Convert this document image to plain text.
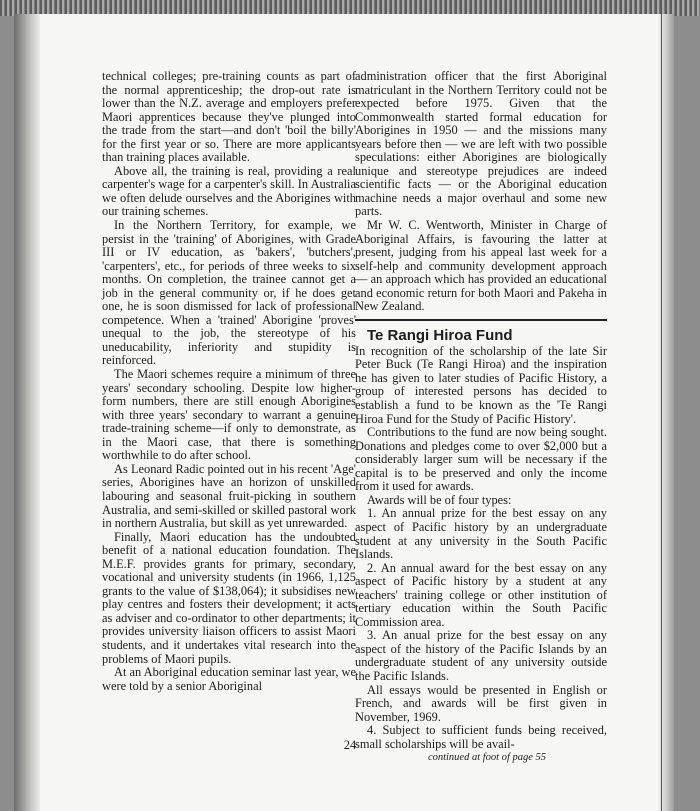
technical colleges; pre-training counts as part of the normal apprenticeship; the drop-out rate is lower than the N.Z. average and employers prefer Maori apprentices because they've plunged into the trade from the start—and don't 'boil the billy' for the first year or so. There are more applicants than training places available.

Above all, the training is real, providing a real carpenter's wage for a carpenter's skill. In Australia we often delude ourselves and the Aborigines with our training schemes.

In the Northern Territory, for example, we persist in the 'training' of Aborigines, with Grade III or IV education, as 'bakers', 'butchers', 'carpenters', etc., for periods of three weeks to six months. On completion, the trainee cannot get a job in the general community or, if he does get one, he is soon dismissed for lack of professional competence. When a 'trained' Aborigine 'proves' unequal to the job, the stereotype of his uneducability, inferiority and stupidity is reinforced.

The Maori schemes require a minimum of three years' secondary schooling. Despite low higher-form numbers, there are still enough Aborigines with three years' secondary to warrant a genuine trade-training scheme—if only to demonstrate, as in the Maori case, that there is something worthwhile to do after school.

As Leonard Radic pointed out in his recent 'Age' series, Aborigines have an horizon of unskilled labouring and seasonal fruit-picking in southern Australia, and semi-skilled or skilled pastoral work in northern Australia, but skill as yet unrewarded.

Finally, Maori education has the undoubted benefit of a national education foundation. The M.E.F. provides grants for primary, secondary, vocational and university students (in 1966, 1,125 grants to the value of $138,064); it subsidises new play centres and fosters their development; it acts as adviser and co-ordinator to other departments; it provides university liaison officers to assist Maori students, and it undertakes vital research into the problems of Maori pupils.

At an Aboriginal education seminar last year, we were told by a senior Aboriginal

administration officer that the first Aboriginal matriculant in the Northern Territory could not be expected before 1975. Given that the Commonwealth started formal education for Aborigines in 1950 — and the missions many years before then — we are left with two possible speculations: either Aborigines are biologically unique and stereotype prejudices are indeed scientific facts — or the Aboriginal education machine needs a major overhaul and some new parts.

Mr W. C. Wentworth, Minister in Charge of Aboriginal Affairs, is favouring the latter at present, judging from his appeal last week for a self-help and community development approach — an approach which has provided an educational and economic return for both Maori and Pakeha in New Zealand.

Te Rangi Hiroa Fund

In recognition of the scholarship of the late Sir Peter Buck (Te Rangi Hiroa) and the inspiration he has given to later studies of Pacific History, a group of interested persons has decided to establish a fund to be known as the 'Te Rangi Hiroa Fund for the Study of Pacific History'.

Contributions to the fund are now being sought. Donations and pledges come to over $2,000 but a considerably larger sum will be necessary if the capital is to be preserved and only the income from it used for awards.

Awards will be of four types:

1. An annual prize for the best essay on any aspect of Pacific history by an undergraduate student at any university in the South Pacific Islands.

2. An annual award for the best essay on any aspect of Pacific history by a student at any teachers' training college or other institution of tertiary education within the South Pacific Commission area.

3. An anual prize for the best essay on any aspect of the history of the Pacific Islands by an undergraduate student of any university outside the Pacific Islands.

All essays would be presented in English or French, and awards will be first given in November, 1969.

4. Subject to sufficient funds being received, small scholarships will be avail-

continued at foot of page 55

24
